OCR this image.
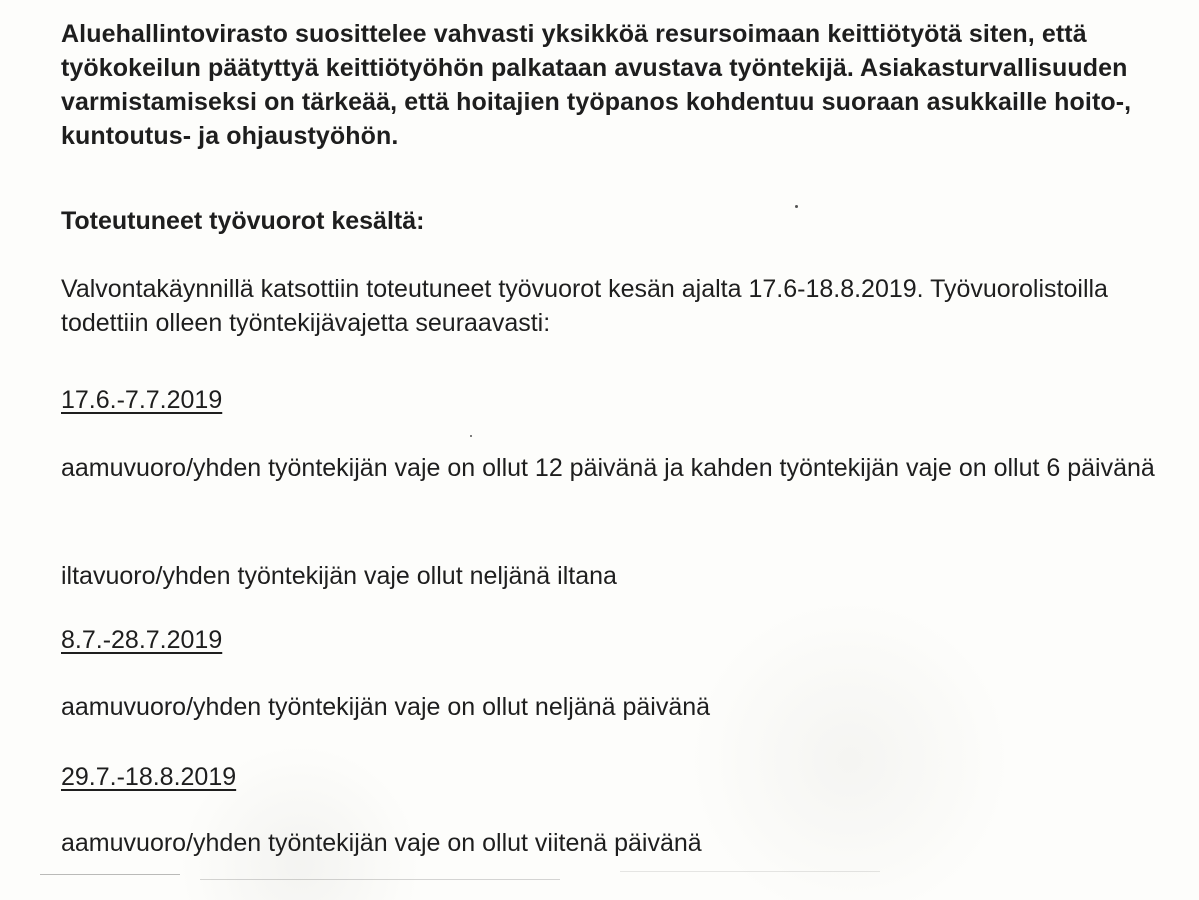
Aluehallintovirasto suosittelee vahvasti yksikköä resursoimaan keittiötyötä siten, että työkokeilun päätyttyä keittiötyöhön palkataan avustava työntekijä. Asiakasturvallisuuden varmistamiseksi on tärkeää, että hoitajien työpanos kohdentuu suoraan asukkaille hoito-, kuntoutus- ja ohjaustyöhön.

Toteutuneet työvuorot kesältä:

Valvontakäynnillä katsottiin toteutuneet työvuorot kesän ajalta 17.6-18.8.2019. Työvuorolistoilla todettiin olleen työntekijävajetta seuraavasti:

17.6.-7.7.2019

aamuvuoro/yhden työntekijän vaje on ollut 12 päivänä ja kahden työntekijän vaje on ollut 6 päivänä

iltavuoro/yhden työntekijän vaje ollut neljänä iltana

8.7.-28.7.2019

aamuvuoro/yhden työntekijän vaje on ollut neljänä päivänä

29.7.-18.8.2019

aamuvuoro/yhden työntekijän vaje on ollut viitenä päivänä
